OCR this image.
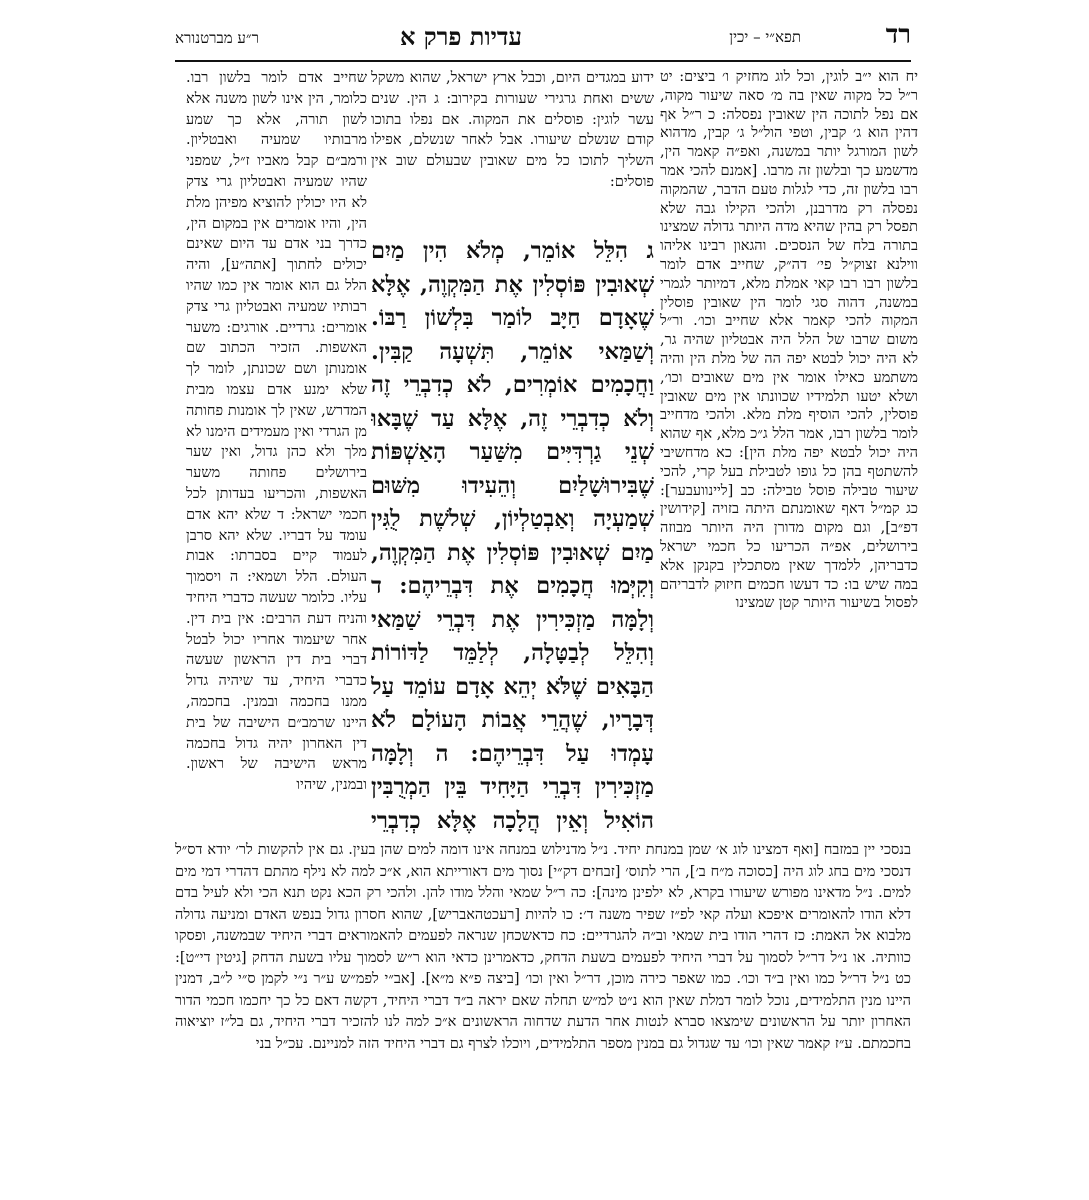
רד
תפא״י – יכין
עדיות פרק א
ר״ע מברטנורא

יח הוא י״ב לוגין, וכל לוג מחזיק ו׳ ביצים: יט ר״ל כל מקוה שאין בה מ׳ סאה שיעור מקוה, אם נפל לתוכה הין שאובין נפסלה: כ ר״ל אף דהין הוא ג׳ קבין, וטפי הול״ל ג׳ קבין, מדהוא לשון המורגל יותר במשנה, ואפ״ה קאמר הין, מדשמע כך ובלשון זה מרבו. [אמנם להכי אמר רבו בלשון זה, כדי לגלות טעם הדבר, שהמקוה נפסלה רק מדרבנן, ולהכי הקילו גבה שלא תפסל רק בהין שהיא מדה היותר גדולה שמצינו בתורה בלח של הנסכים. והגאון רבינו אליהו ווילנא זצוק״ל פי׳ דה״ק, שחייב אדם לומר בלשון רבו רבו קאי אמלת מלא, דמיותר לגמרי במשנה, דהוה סגי לומר הין שאובין פוסלין המקוה להכי קאמר אלא שחייב וכו׳. ור״ל משום שרבו של הלל היה אבטליון שהיה גר, לא היה יכול לבטא יפה הה של מלת הין והיה משתמע כאילו אומר אין מים שאובים וכו׳, ושלא יטעו תלמידיו שכוונתו אין מים שאובין פוסלין, להכי הוסיף מלת מלא. ולהכי מדחייב לומר בלשון רבו, אמר הלל ג״כ מלא, אף שהוא היה יכול לבטא יפה מלת הין]: כא מדחשיבי להשתטף בהן כל גופו לטבילת בעל קרי, להכי שיעור טבילה פוסל טבילה: כב [ליינוועבער]: כג קמ״ל דאף שאומנתם היתה בזויה [קידושין דפ״ב], וגם מקום מדורן היה היותר מבוזה בירושלים, אפ״ה הכריעו כל חכמי ישראל כדבריהן, ללמדך שאין מסתכלין בקנקן אלא במה שיש בו: כד דעשו חכמים חיזוק לדבריהם לפסול בשיעור היותר קטן שמצינו

ידוע במגדים היום, וכבל ארץ ישראל, שהוא משקל ששים ואחת גרגירי שעורות בקירוב: ג הין. שנים עשר לוגין: פוסלים את המקוה. אם נפלו בתוכו קודם שנשלם שיעורו. אבל לאחר שנשלם, אפילו השליך לתוכו כל מים שאובין שבעולם שוב אין פוסלים:

ג הִלֵּל אוֹמֵר, מְלֹא הִין מַיִם שְׁאוּבִין פּוֹסְלִין אֶת הַמִּקְוֶה, אֶלָּא שֶׁאָדָם חַיָּב לוֹמַר בִּלְשׁוֹן רַבּוֹ. וְשַׁמַּאי אוֹמֵר, תִּשְׁעָה קַבִּין. וַחֲכָמִים אוֹמְרִים, לֹא כְדִבְרֵי זֶה וְלֹא כְדִבְרֵי זֶה, אֶלָּא עַד שֶׁבָּאוּ שְׁנֵי גַרְדִּיִּים מִשַּׁעַר הָאַשְׁפּוֹת שֶׁבִּירוּשָׁלַיִם וְהֵעִידוּ מִשּׁוּם שְׁמַעְיָה וְאַבְטַלְיוֹן, שְׁלֹשֶׁת לֻגִּין מַיִם שְׁאוּבִין פּוֹסְלִין אֶת הַמִּקְוֶה, וְקִיְּמוּ חֲכָמִים אֶת דִּבְרֵיהֶם: ד וְלָמָּה מַזְכִּירִין אֶת דִּבְרֵי שַׁמַּאי וְהִלֵּל לְבַטָּלָה, לְלַמֵּד לַדּוֹרוֹת הַבָּאִים שֶׁלֹּא יְהֵא אָדָם עוֹמֵד עַל דְּבָרָיו, שֶׁהֲרֵי אֲבוֹת הָעוֹלָם לֹא עָמְדוּ עַל דִּבְרֵיהֶם: ה וְלָמָּה מַזְכִּירִין דִּבְרֵי הַיָּחִיד בֵּין הַמְרֻבִּין הוֹאִיל וְאֵין הֲלָכָה אֶלָּא כְדִבְרֵי

שחייב אדם לומר בלשון רבו. כלומר, הין אינו לשון משנה אלא לשון תורה, אלא כך שמע מרבותיו שמעיה ואבטליון. ורמב״ם קבל מאביו ז״ל, שמפני שהיו שמעיה ואבטליון גרי צדק לא היו יכולין להוציא מפיהן מלת הין, והיו אומרים אין במקום הין, כדרך בני אדם עד היום שאינם יכולים לחתוך [אתה״ע], והיה הלל גם הוא אומר אין כמו שהיו רבותיו שמעיה ואבטליון גרי צדק אומרים: גרדיים. אורגים: משער האשפות. הזכיר הכתוב שם אומנותן ושם שכונתן, לומר לך שלא ימנע אדם עצמו מבית המדרש, שאין לך אומנות פחותה מן הגרדי ואין מעמידים הימנו לא מלך ולא כהן גדול, ואין שער בירושלים פחותה משער האשפות, והכריעו בעדותן לכל חכמי ישראל: ד שלא יהא אדם עומד על דבריו. שלא יהא סרבן לעמוד קיים בסברתו: אבות העולם. הלל ושמאי: ה ויסמוך עליו. כלומר שעשה כדברי היחיד והניח דעת הרבים: אין בית דין. אחר שיעמוד אחריו יכול לבטל דברי בית דין הראשון שעשה כדברי היחיד, עד שיהיה גדול ממנו בחכמה ובמנין. בחכמה, היינו שרמב״ם הישיבה של בית דין האחרון יהיה גדול בחכמה מראש הישיבה של ראשון. ובמנין, שיהיו

בנסכי יין במזבח [ואף דמצינו לוג א׳ שמן במנחת יחיד. נ״ל מדנילוש במנחה אינו דומה למים שהן בעין. גם אין להקשות לר׳ יודא דס״ל דנסכי מים בחג לוג היה [כסוכה מ״ח ב׳], הרי לתוס׳ [זבחים דק״י] נסוך מים דאורייתא הוא, א״כ למה לא נילף מהתם דהדרי דמי מים למים. נ״ל מדאינו מפורש שיעורו בקרא, לא ילפינן מינה]: כה ר״ל שמאי והלל מודו להן. ולהכי רק הכא נקט תנא הכי ולא לעיל בדם דלא הודו להאומרים איפכא ועלה קאי לפ״ז שפיר משנה ד׳: כו להיות [רעכטהאבריש], שהוא חסרון גדול בנפש האדם ומניעה גדולה מלבוא אל האמת: כז דהרי הודו בית שמאי וב״ה להגרדיים: כח כדאשכחן שנראה לפעמים להאמוראים דברי היחיד שבמשנה, ופסקו כוותיה. או נ״ל דר״ל לסמוך על דברי היחיד לפעמים בשעת הדחק, כדאמרינן כדאי הוא ר״ש לסמוך עליו בשעת הדחק [גיטין די״ט]: כט נ״ל דר״ל כמו ואין ב״ד וכו׳. כמו שאפר כירה מוכן, דר״ל ואין וכו׳ [ביצה פ״א מ״א]. [אב״י לפמ״ש ע״ר נ״י לקמן ס״י ל״ב, דמנין היינו מנין התלמידים, נוכל לומר דמלת שאין הוא נ״ט למ״ש תחלה שאם יראה ב״ד דברי היחיד, דקשה דאם כל כך יחכמו חכמי הדור האחרון יותר על הראשונים שימצאו סברא לנטות אחר הדעת שדחוה הראשונים א״כ למה לנו להזכיר דברי היחיד, גם בל״ז יוציאוה בחכמתם. ע״ז קאמר שאין וכו׳ עד שגדול גם במנין מספר התלמידים, ויוכלו לצרף גם דברי היחיד הזה למניינם. עכ״ל בני
